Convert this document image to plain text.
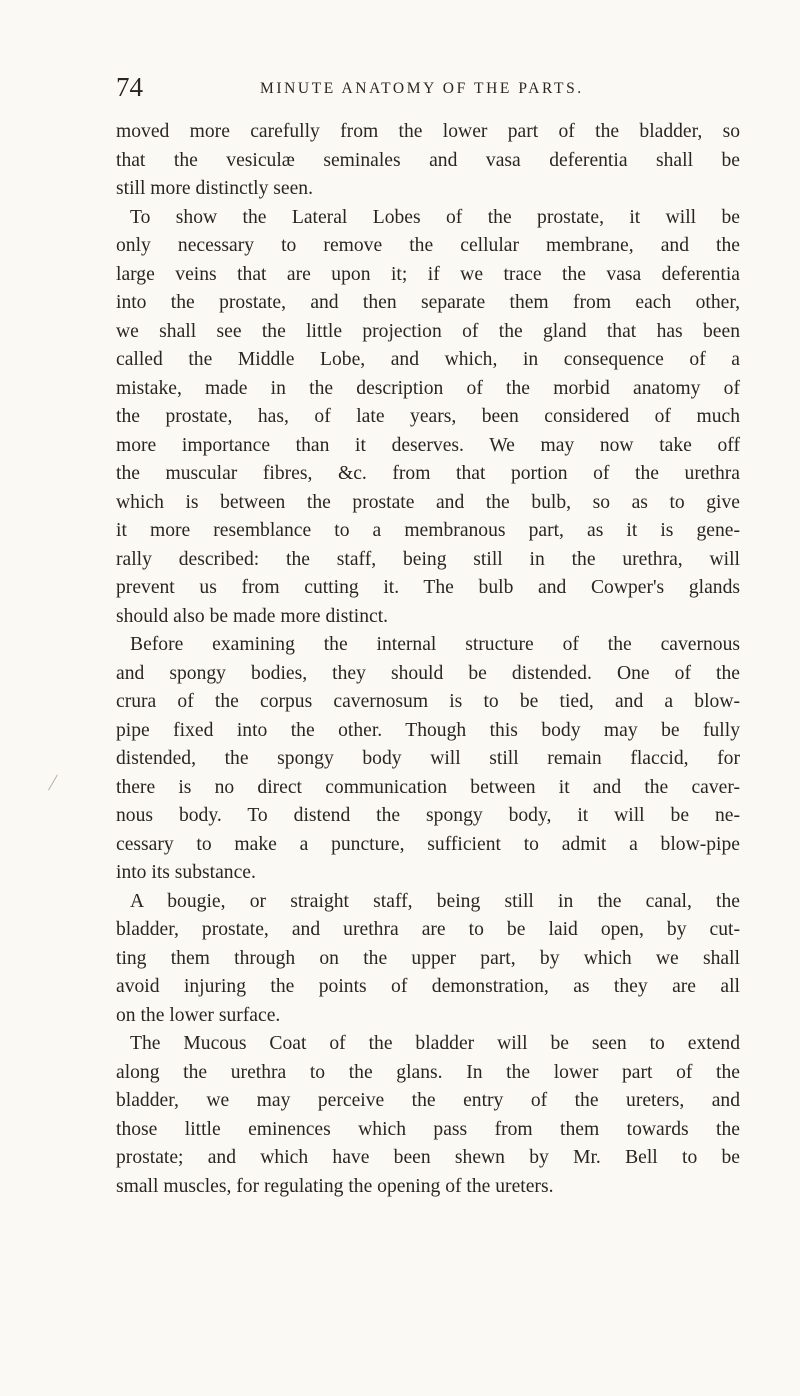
74	MINUTE ANATOMY OF THE PARTS.
moved more carefully from the lower part of the bladder, so
that the vesiculæ seminales and vasa deferentia shall be
still more distinctly seen.
To show the Lateral Lobes of the prostate, it will be
only necessary to remove the cellular membrane, and the
large veins that are upon it; if we trace the vasa deferentia
into the prostate, and then separate them from each other,
we shall see the little projection of the gland that has been
called the Middle Lobe, and which, in consequence of a
mistake, made in the description of the morbid anatomy of
the prostate, has, of late years, been considered of much
more importance than it deserves. We may now take off
the muscular fibres, &c. from that portion of the urethra
which is between the prostate and the bulb, so as to give
it more resemblance to a membranous part, as it is gene-
rally described: the staff, being still in the urethra, will
prevent us from cutting it. The bulb and Cowper's glands
should also be made more distinct.
Before examining the internal structure of the cavernous
and spongy bodies, they should be distended. One of the
crura of the corpus cavernosum is to be tied, and a blow-
pipe fixed into the other. Though this body may be fully
distended, the spongy body will still remain flaccid, for
there is no direct communication between it and the caver-
nous body. To distend the spongy body, it will be ne-
cessary to make a puncture, sufficient to admit a blow-pipe
into its substance.
A bougie, or straight staff, being still in the canal, the
bladder, prostate, and urethra are to be laid open, by cut-
ting them through on the upper part, by which we shall
avoid injuring the points of demonstration, as they are all
on the lower surface.
The Mucous Coat of the bladder will be seen to extend
along the urethra to the glans. In the lower part of the
bladder, we may perceive the entry of the ureters, and
those little eminences which pass from them towards the
prostate; and which have been shewn by Mr. Bell to be
small muscles, for regulating the opening of the ureters.
